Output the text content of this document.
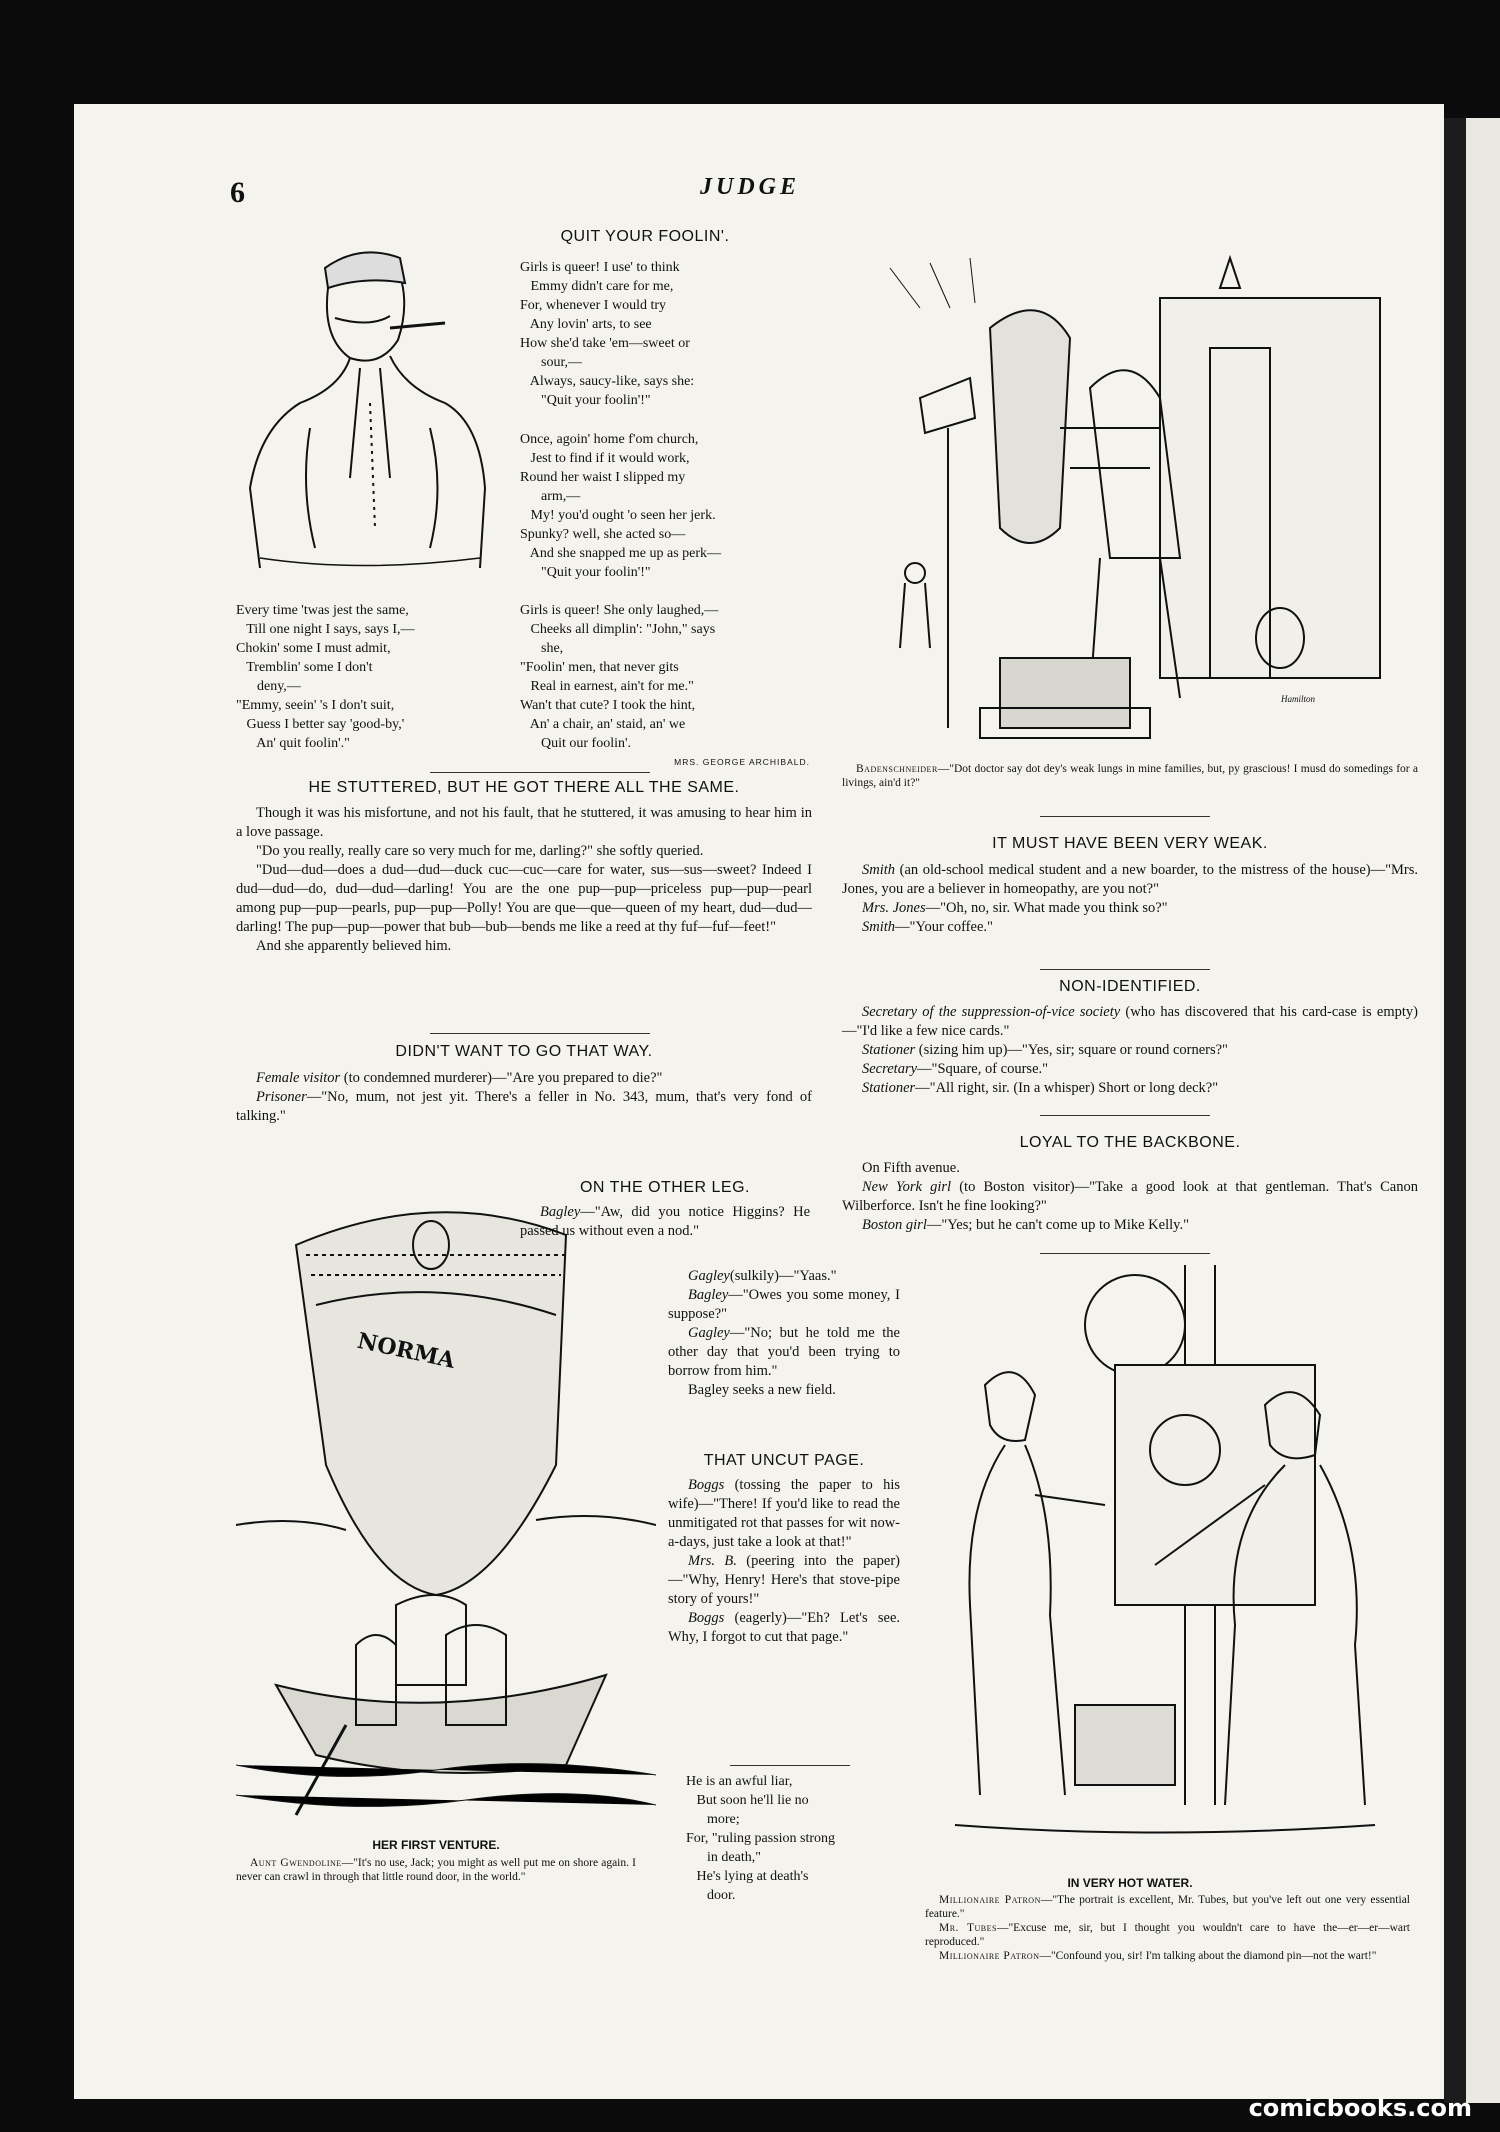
6	JUDGE
QUIT YOUR FOOLIN'.
Girls is queer! I use' to think
Emmy didn't care for me,
For, whenever I would try
Any lovin' arts, to see
How she'd take 'em—sweet or
sour,—
Always, saucy-like, says she:
"Quit your foolin'!"
Once, agoin' home f'om church,
Jest to find if it would work,
Round her waist I slipped my
arm,—
My! you'd ought 'o seen her jerk.
Spunky? well, she acted so—
And she snapped me up as perk—
"Quit your foolin'!"
Every time 'twas jest the same,
Till one night I says, says I,—
Chokin' some I must admit,
Tremblin' some I don't
deny,—
"Emmy, seein' 's I don't suit,
Guess I better say 'good-by,'
An' quit foolin'."
Girls is queer! She only laughed,—
Cheeks all dimplin': "John," says
she,
"Foolin' men, that never gits
Real in earnest, ain't for me."
Wan't that cute? I took the hint,
An' a chair, an' staid, an' we
Quit our foolin'.
MRS. GEORGE ARCHIBALD.
HE STUTTERED, BUT HE GOT THERE ALL THE SAME.

Though it was his misfortune, and not his fault, that he stuttered, it was amusing to hear him in a love passage.

"Do you really, really care so very much for me, darling?" she softly queried.

"Dud—dud—does a dud—dud—duck cuc—cuc—care for water, sus—sus—sweet? Indeed I dud—dud—do, dud—dud—darling! You are the one pup—pup—priceless pup—pup—pearl among pup—pup—pearls, pup—pup—Polly! You are que—que—queen of my heart, dud—dud—darling! The pup—pup—power that bub—bub—bends me like a reed at thy fuf—fuf—feet!"

And she apparently believed him.

DIDN'T WANT TO GO THAT WAY.

Female visitor (to condemned murderer)—"Are you prepared to die?"

Prisoner—"No, mum, not jest yit. There's a feller in No. 343, mum, that's very fond of talking."

Hamilton

Badenschneider—"Dot doctor say dot dey's weak lungs in mine families, but, py grascious! I musd do somedings for a livings, ain'd it?"

IT MUST HAVE BEEN VERY WEAK.

Smith (an old-school medical student and a new boarder, to the mistress of the house)—"Mrs. Jones, you are a believer in homeopathy, are you not?"

Mrs. Jones—"Oh, no, sir. What made you think so?"

Smith—"Your coffee."

NON-IDENTIFIED.

Secretary of the suppression-of-vice society (who has discovered that his card-case is empty)—"I'd like a few nice cards."

Stationer (sizing him up)—"Yes, sir; square or round corners?"

Secretary—"Square, of course."

Stationer—"All right, sir. (In a whisper) Short or long deck?"

LOYAL TO THE BACKBONE.

On Fifth avenue.

New York girl (to Boston visitor)—"Take a good look at that gentleman. That's Canon Wilberforce. Isn't he fine looking?"

Boston girl—"Yes; but he can't come up to Mike Kelly."

NORMA
HER FIRST VENTURE.

Aunt Gwendoline—"It's no use, Jack; you might as well put me on shore again. I never can crawl in through that little round door, in the world."

ON THE OTHER LEG.

Bagley—"Aw, did you notice Higgins? He passed us without even a nod."

Gagley(sulkily)—"Yaas."

Bagley—"Owes you some money, I suppose?"

Gagley—"No; but he told me the other day that you'd been trying to borrow from him."

Bagley seeks a new field.

THAT UNCUT PAGE.

Boggs (tossing the paper to his wife)—"There! If you'd like to read the unmitigated rot that passes for wit now-a-days, just take a look at that!"

Mrs. B. (peering into the paper)—"Why, Henry! Here's that stove-pipe story of yours!"

Boggs (eagerly)—"Eh? Let's see. Why, I forgot to cut that page."

He is an awful liar,
But soon he'll lie no
more;
For, "ruling passion strong
in death,"
He's lying at death's
door.
IN VERY HOT WATER.

Millionaire Patron—"The portrait is excellent, Mr. Tubes, but you've left out one very essential feature."

Mr. Tubes—"Excuse me, sir, but I thought you wouldn't care to have the—er—er—wart reproduced."

Millionaire Patron—"Confound you, sir! I'm talking about the diamond pin—not the wart!"

comicbooks.com
